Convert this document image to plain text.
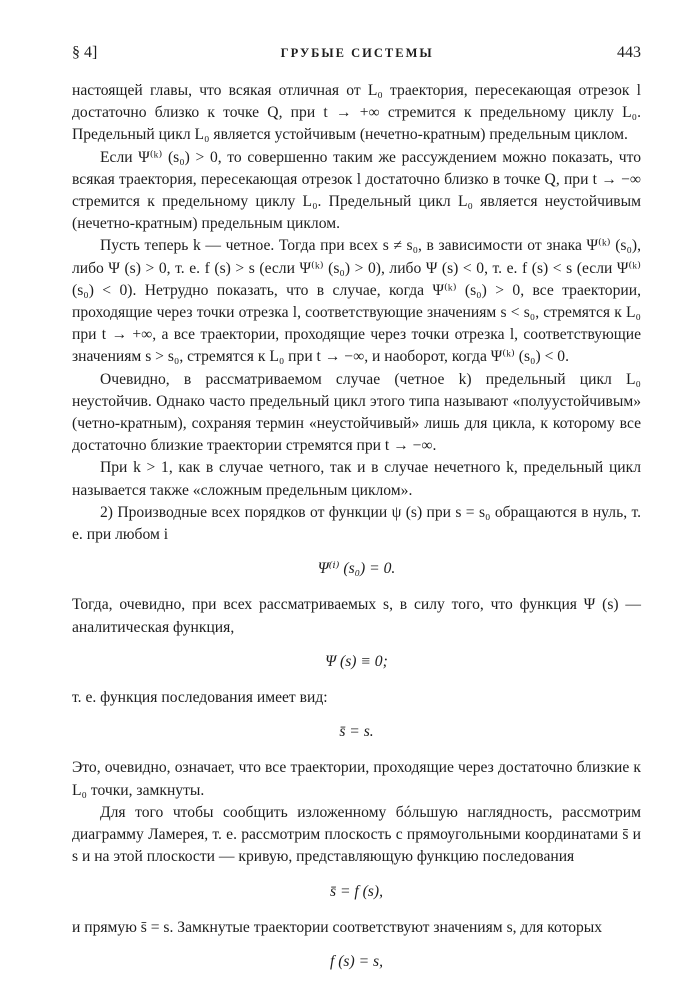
§ 4]	ГРУБЫЕ СИСТЕМЫ	443

настоящей главы, что всякая отличная от L₀ траектория, пересекающая отрезок l достаточно близко к точке Q, при t → +∞ стремится к предельному циклу L₀. Предельный цикл L₀ является устойчивым (нечетно-кратным) предельным циклом.

Если Ψ⁽ᵏ⁾ (s₀) > 0, то совершенно таким же рассуждением можно показать, что всякая траектория, пересекающая отрезок l достаточно близко в точке Q, при t → −∞ стремится к предельному циклу L₀. Предельный цикл L₀ является неустойчивым (нечетно-кратным) предельным циклом.

Пусть теперь k — четное. Тогда при всех s ≠ s₀, в зависимости от знака Ψ⁽ᵏ⁾ (s₀), либо Ψ (s) > 0, т. е. f (s) > s (если Ψ⁽ᵏ⁾ (s₀) > 0), либо Ψ (s) < 0, т. е. f (s) < s (если Ψ⁽ᵏ⁾ (s₀) < 0). Нетрудно показать, что в случае, когда Ψ⁽ᵏ⁾ (s₀) > 0, все траектории, проходящие через точки отрезка l, соответствующие значениям s < s₀, стремятся к L₀ при t → +∞, а все траектории, проходящие через точки отрезка l, соответствующие значениям s > s₀, стремятся к L₀ при t → −∞, и наоборот, когда Ψ⁽ᵏ⁾ (s₀) < 0.

Очевидно, в рассматриваемом случае (четное k) предельный цикл L₀ неустойчив. Однако часто предельный цикл этого типа называют «полуустойчивым» (четно-кратным), сохраняя термин «неустойчивый» лишь для цикла, к которому все достаточно близкие траектории стремятся при t → −∞.

При k > 1, как в случае четного, так и в случае нечетного k, предельный цикл называется также «сложным предельным циклом».

2) Производные всех порядков от функции ψ (s) при s = s₀ обращаются в нуль, т. е. при любом i

Ψ⁽ⁱ⁾ (s₀) = 0.

Тогда, очевидно, при всех рассматриваемых s, в силу того, что функция Ψ (s) — аналитическая функция,

Ψ (s) ≡ 0;

т. е. функция последования имеет вид:

s̄ = s.

Это, очевидно, означает, что все траектории, проходящие через достаточно близкие к L₀ точки, замкнуты.

Для того чтобы сообщить изложенному бóльшую наглядность, рассмотрим диаграмму Ламерея, т. е. рассмотрим плоскость с прямоугольными координатами s̄ и s и на этой плоскости — кривую, представляющую функцию последования

s̄ = f (s),

и прямую s̄ = s. Замкнутые траектории соответствуют значениям s, для которых

f (s) = s,
